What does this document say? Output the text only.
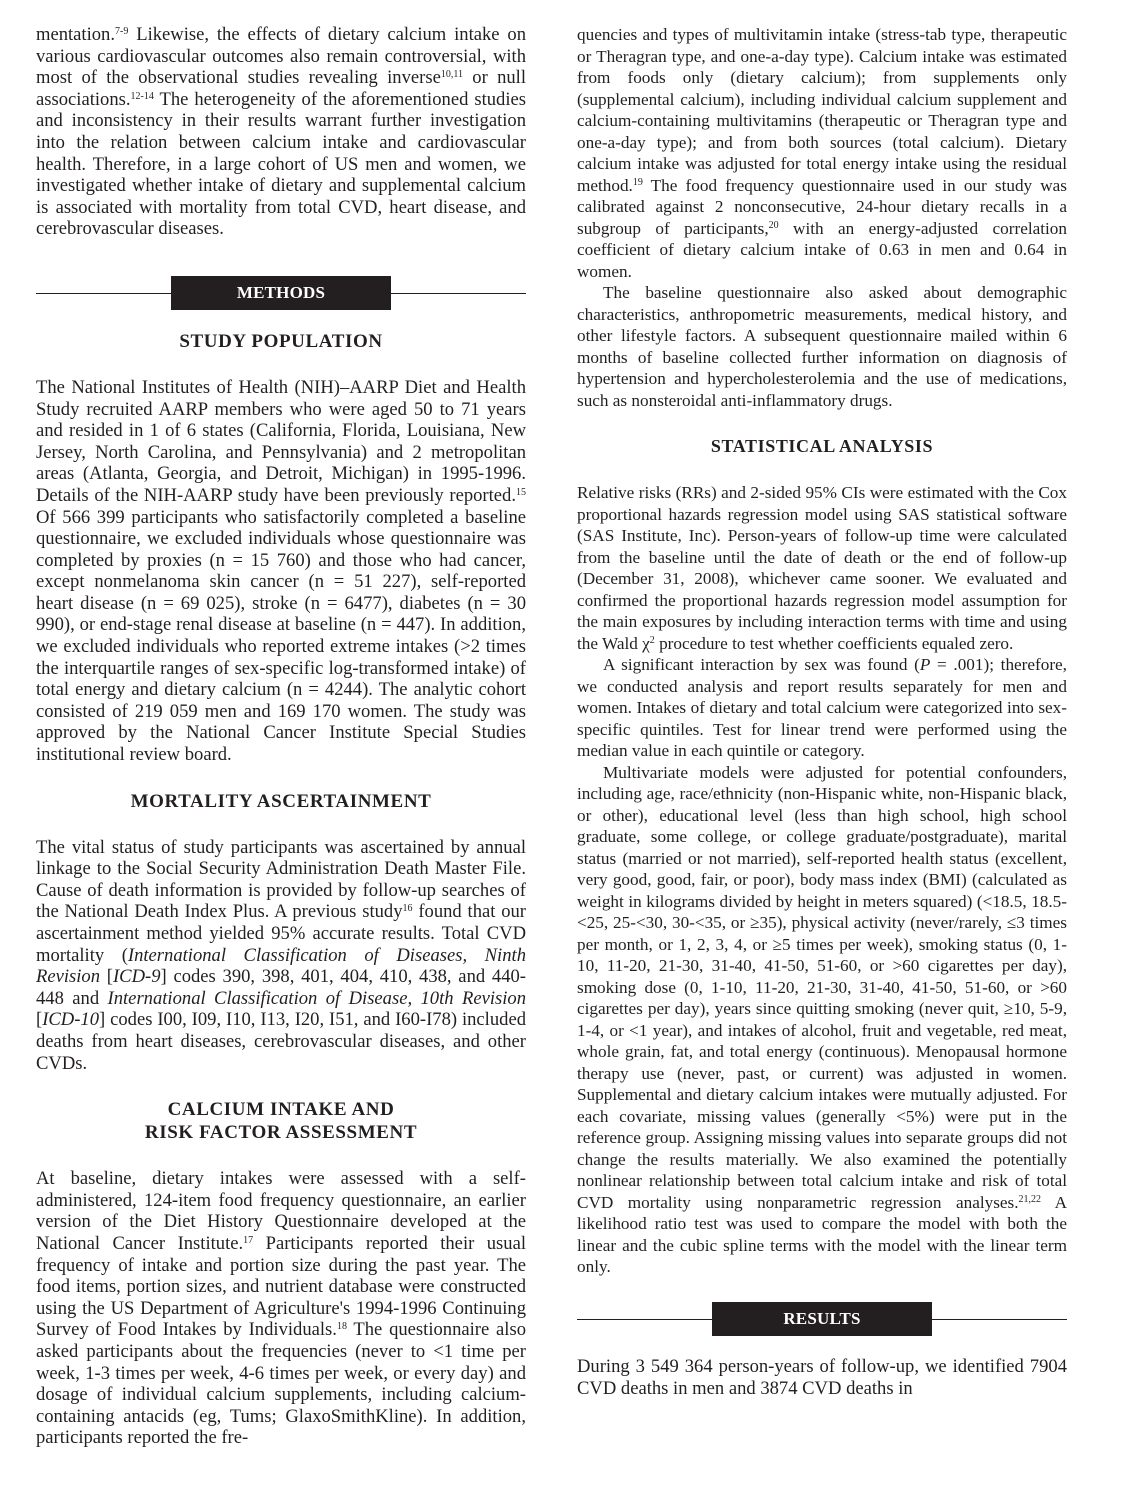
mentation.$^{7-9}$ Likewise, the effects of dietary calcium intake on various cardiovascular outcomes also remain controversial, with most of the observational studies revealing inverse$^{10,11}$ or null associations.$^{12-14}$ The heterogeneity of the aforementioned studies and inconsistency in their results warrant further investigation into the relation between calcium intake and cardiovascular health. Therefore, in a large cohort of US men and women, we investigated whether intake of dietary and supplemental calcium is associated with mortality from total CVD, heart disease, and cerebrovascular diseases.

METHODS
STUDY POPULATION

The National Institutes of Health (NIH)–AARP Diet and Health Study recruited AARP members who were aged 50 to 71 years and resided in 1 of 6 states (California, Florida, Louisiana, New Jersey, North Carolina, and Pennsylvania) and 2 metropolitan areas (Atlanta, Georgia, and Detroit, Michigan) in 1995-1996. Details of the NIH-AARP study have been previously reported.$^{15}$ Of 566 399 participants who satisfactorily completed a baseline questionnaire, we excluded individuals whose questionnaire was completed by proxies (n = 15 760) and those who had cancer, except nonmelanoma skin cancer (n = 51 227), self-reported heart disease (n = 69 025), stroke (n = 6477), diabetes (n = 30 990), or end-stage renal disease at baseline (n = 447). In addition, we excluded individuals who reported extreme intakes (>2 times the interquartile ranges of sex-specific log-transformed intake) of total energy and dietary calcium (n = 4244). The analytic cohort consisted of 219 059 men and 169 170 women. The study was approved by the National Cancer Institute Special Studies institutional review board.

MORTALITY ASCERTAINMENT

The vital status of study participants was ascertained by annual linkage to the Social Security Administration Death Master File. Cause of death information is provided by follow-up searches of the National Death Index Plus. A previous study$^{16}$ found that our ascertainment method yielded 95% accurate results. Total CVD mortality (International Classification of Diseases, Ninth Revision [ICD-9] codes 390, 398, 401, 404, 410, 438, and 440-448 and International Classification of Disease, 10th Revision [ICD-10] codes I00, I09, I10, I13, I20, I51, and I60-I78) included deaths from heart diseases, cerebrovascular diseases, and other CVDs.

CALCIUM INTAKE AND
RISK FACTOR ASSESSMENT

At baseline, dietary intakes were assessed with a self-administered, 124-item food frequency questionnaire, an earlier version of the Diet History Questionnaire developed at the National Cancer Institute.$^{17}$ Participants reported their usual frequency of intake and portion size during the past year. The food items, portion sizes, and nutrient database were constructed using the US Department of Agriculture's 1994-1996 Continuing Survey of Food Intakes by Individuals.$^{18}$ The questionnaire also asked participants about the frequencies (never to <1 time per week, 1-3 times per week, 4-6 times per week, or every day) and dosage of individual calcium supplements, including calcium-containing antacids (eg, Tums; GlaxoSmithKline). In addition, participants reported the fre-

quencies and types of multivitamin intake (stress-tab type, therapeutic or Theragran type, and one-a-day type). Calcium intake was estimated from foods only (dietary calcium); from supplements only (supplemental calcium), including individual calcium supplement and calcium-containing multivitamins (therapeutic or Theragran type and one-a-day type); and from both sources (total calcium). Dietary calcium intake was adjusted for total energy intake using the residual method.$^{19}$ The food frequency questionnaire used in our study was calibrated against 2 nonconsecutive, 24-hour dietary recalls in a subgroup of participants,$^{20}$ with an energy-adjusted correlation coefficient of dietary calcium intake of 0.63 in men and 0.64 in women.

The baseline questionnaire also asked about demographic characteristics, anthropometric measurements, medical history, and other lifestyle factors. A subsequent questionnaire mailed within 6 months of baseline collected further information on diagnosis of hypertension and hypercholesterolemia and the use of medications, such as nonsteroidal anti-inflammatory drugs.

STATISTICAL ANALYSIS

Relative risks (RRs) and 2-sided 95% CIs were estimated with the Cox proportional hazards regression model using SAS statistical software (SAS Institute, Inc). Person-years of follow-up time were calculated from the baseline until the date of death or the end of follow-up (December 31, 2008), whichever came sooner. We evaluated and confirmed the proportional hazards regression model assumption for the main exposures by including interaction terms with time and using the Wald $\chi^2$ procedure to test whether coefficients equaled zero.

A significant interaction by sex was found (P = .001); therefore, we conducted analysis and report results separately for men and women. Intakes of dietary and total calcium were categorized into sex-specific quintiles. Test for linear trend were performed using the median value in each quintile or category.

Multivariate models were adjusted for potential confounders, including age, race/ethnicity (non-Hispanic white, non-Hispanic black, or other), educational level (less than high school, high school graduate, some college, or college graduate/postgraduate), marital status (married or not married), self-reported health status (excellent, very good, good, fair, or poor), body mass index (BMI) (calculated as weight in kilograms divided by height in meters squared) (<18.5, 18.5-<25, 25-<30, 30-<35, or ≥35), physical activity (never/rarely, ≤3 times per month, or 1, 2, 3, 4, or ≥5 times per week), smoking status (0, 1-10, 11-20, 21-30, 31-40, 41-50, 51-60, or >60 cigarettes per day), smoking dose (0, 1-10, 11-20, 21-30, 31-40, 41-50, 51-60, or >60 cigarettes per day), years since quitting smoking (never quit, ≥10, 5-9, 1-4, or <1 year), and intakes of alcohol, fruit and vegetable, red meat, whole grain, fat, and total energy (continuous). Menopausal hormone therapy use (never, past, or current) was adjusted in women. Supplemental and dietary calcium intakes were mutually adjusted. For each covariate, missing values (generally <5%) were put in the reference group. Assigning missing values into separate groups did not change the results materially. We also examined the potentially nonlinear relationship between total calcium intake and risk of total CVD mortality using nonparametric regression analyses.$^{21,22}$ A likelihood ratio test was used to compare the model with both the linear and the cubic spline terms with the model with the linear term only.

RESULTS

During 3 549 364 person-years of follow-up, we identified 7904 CVD deaths in men and 3874 CVD deaths in
